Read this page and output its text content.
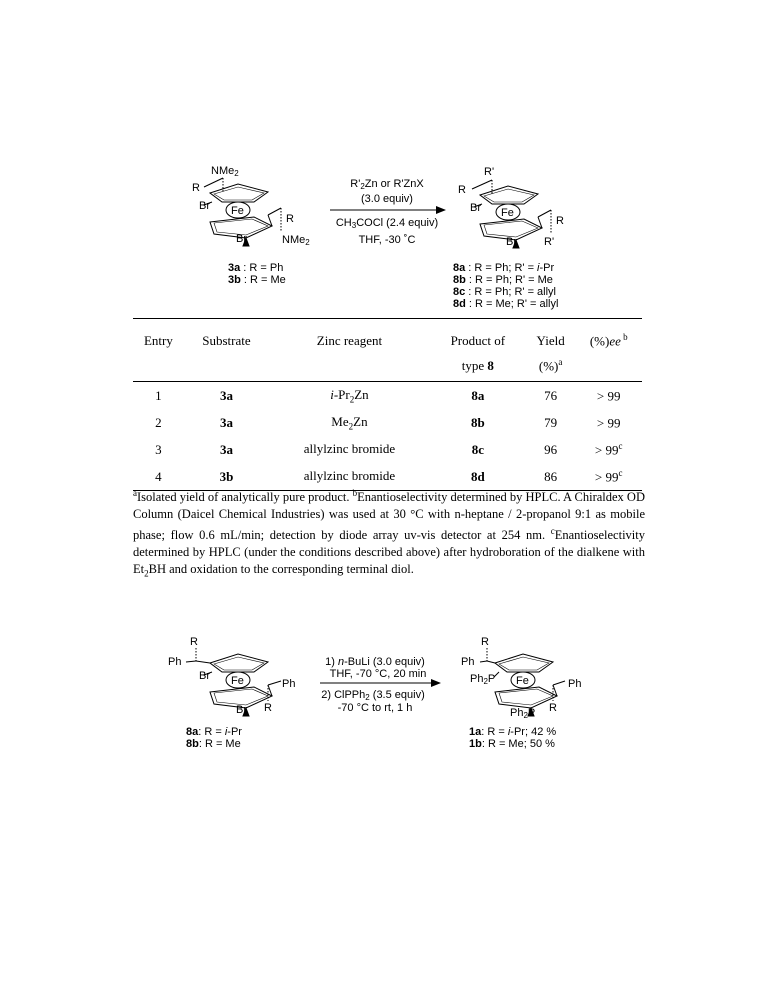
NMe2
R
Br Fe
R
Br	NMe2
R'2Zn or R'ZnX
(3.0 equiv)
CH3COCl (2.4 equiv)
THF, -30 ˚C
R'
R
Br Fe
R
Br R'
3a : R = Ph
3b : R = Me
8a : R = Ph; R' = i-Pr
8b : R = Ph; R' = Me
8c : R = Ph; R' = allyl
8d : R = Me; R' = allyl
Entry	Substrate	Zinc reagent	Product of	Yield	(%)ee $^b$
			type 8	(%)$^a$	
1	3a	$i-Pr_2Zn$	8a	76	> 99
2	3a	$Me_2Zn$	8b	79	> 99
3	3a	allylzinc bromide	8c	96	> $99^c$
4	3b	allylzinc bromide	8d	86	> $99^c$

$^a$Isolated yield of analytically pure product. $^b$Enantioselectivity determined by HPLC. A Chiraldex OD Column (Daicel Chemical Industries) was used at 30 °C with n-heptane / 2-propanol 9:1 as mobile phase; flow 0.6 mL/min; detection by diode array uv-vis detector at 254 nm. $^c$Enantioselectivity determined by HPLC (under the conditions described above) after hydroboration of the dialkene with $Et_2BH$ and oxidation to the corresponding terminal diol.

R
Ph
Br Fe	Ph
Br R
1) n-BuLi (3.0 equiv)
THF, -70 °C, 20 min
2) ClPPh2 (3.5 equiv)
-70 °C to rt, 1 h
R
Ph
Ph2P Fe	Ph
Ph2P R
8a: R = i-Pr
8b: R = Me
1a: R = i-Pr; 42 %
1b: R = Me; 50 %
